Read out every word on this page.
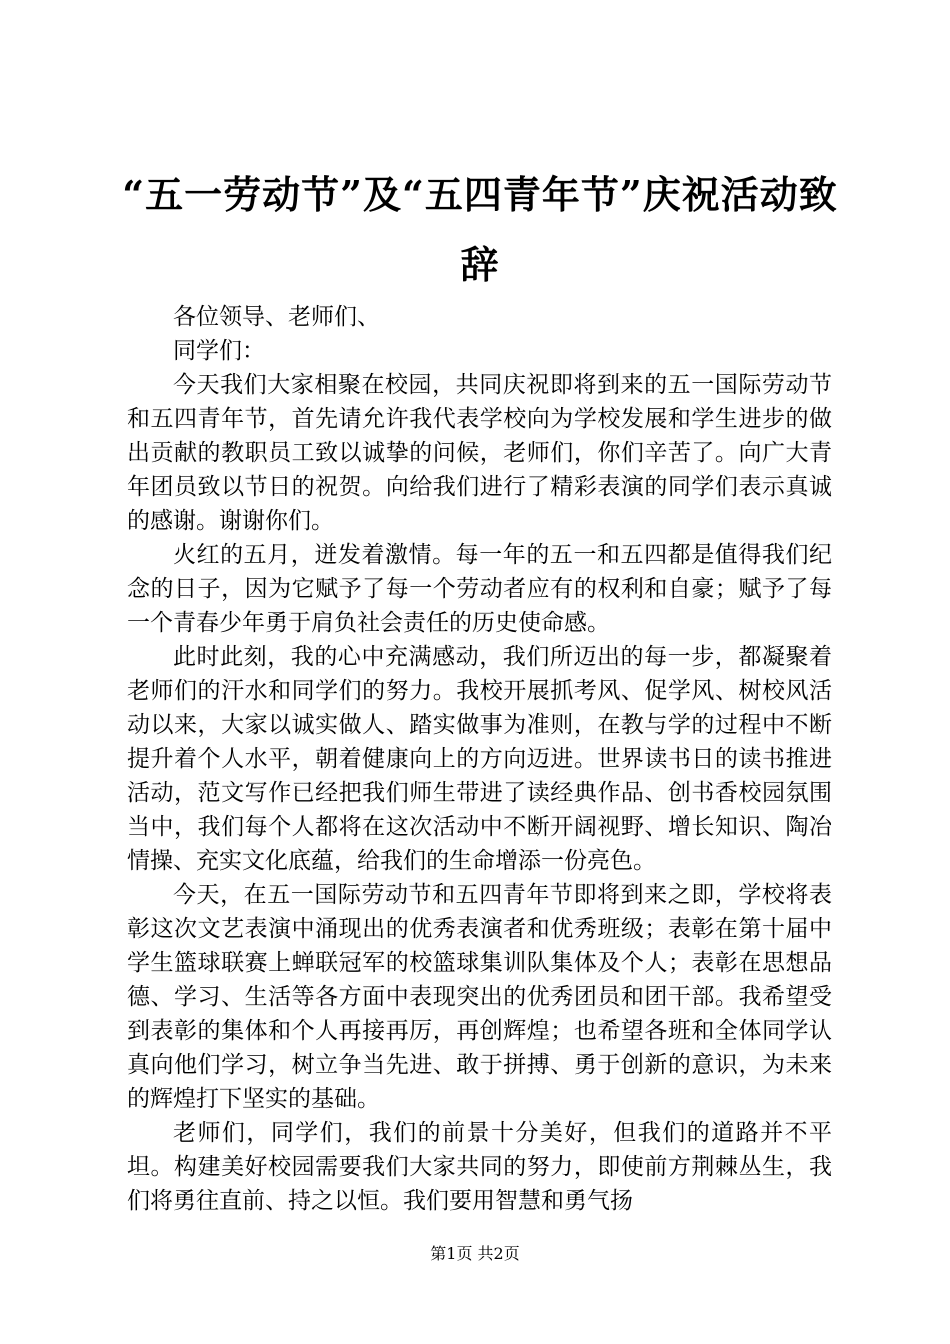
“五一劳动节”及“五四青年节”庆祝活动致辞

各位领导、老师们、

同学们：

今天我们大家相聚在校园，共同庆祝即将到来的五一国际劳动节和五四青年节，首先请允许我代表学校向为学校发展和学生进步的做出贡献的教职员工致以诚挚的问候，老师们，你们辛苦了。向广大青年团员致以节日的祝贺。向给我们进行了精彩表演的同学们表示真诚的感谢。谢谢你们。

火红的五月，迸发着激情。每一年的五一和五四都是值得我们纪念的日子，因为它赋予了每一个劳动者应有的权利和自豪；赋予了每一个青春少年勇于肩负社会责任的历史使命感。

此时此刻，我的心中充满感动，我们所迈出的每一步，都凝聚着老师们的汗水和同学们的努力。我校开展抓考风、促学风、树校风活动以来，大家以诚实做人、踏实做事为准则，在教与学的过程中不断提升着个人水平，朝着健康向上的方向迈进。世界读书日的读书推进活动，范文写作已经把我们师生带进了读经典作品、创书香校园氛围当中，我们每个人都将在这次活动中不断开阔视野、增长知识、陶冶情操、充实文化底蕴，给我们的生命增添一份亮色。

今天，在五一国际劳动节和五四青年节即将到来之即，学校将表彰这次文艺表演中涌现出的优秀表演者和优秀班级；表彰在第十届中学生篮球联赛上蝉联冠军的校篮球集训队集体及个人；表彰在思想品德、学习、生活等各方面中表现突出的优秀团员和团干部。我希望受到表彰的集体和个人再接再厉，再创辉煌；也希望各班和全体同学认真向他们学习，树立争当先进、敢于拼搏、勇于创新的意识，为未来的辉煌打下坚实的基础。

老师们，同学们，我们的前景十分美好，但我们的道路并不平坦。构建美好校园需要我们大家共同的努力，即使前方荆棘丛生，我们将勇往直前、持之以恒。我们要用智慧和勇气扬

第1页 共2页
